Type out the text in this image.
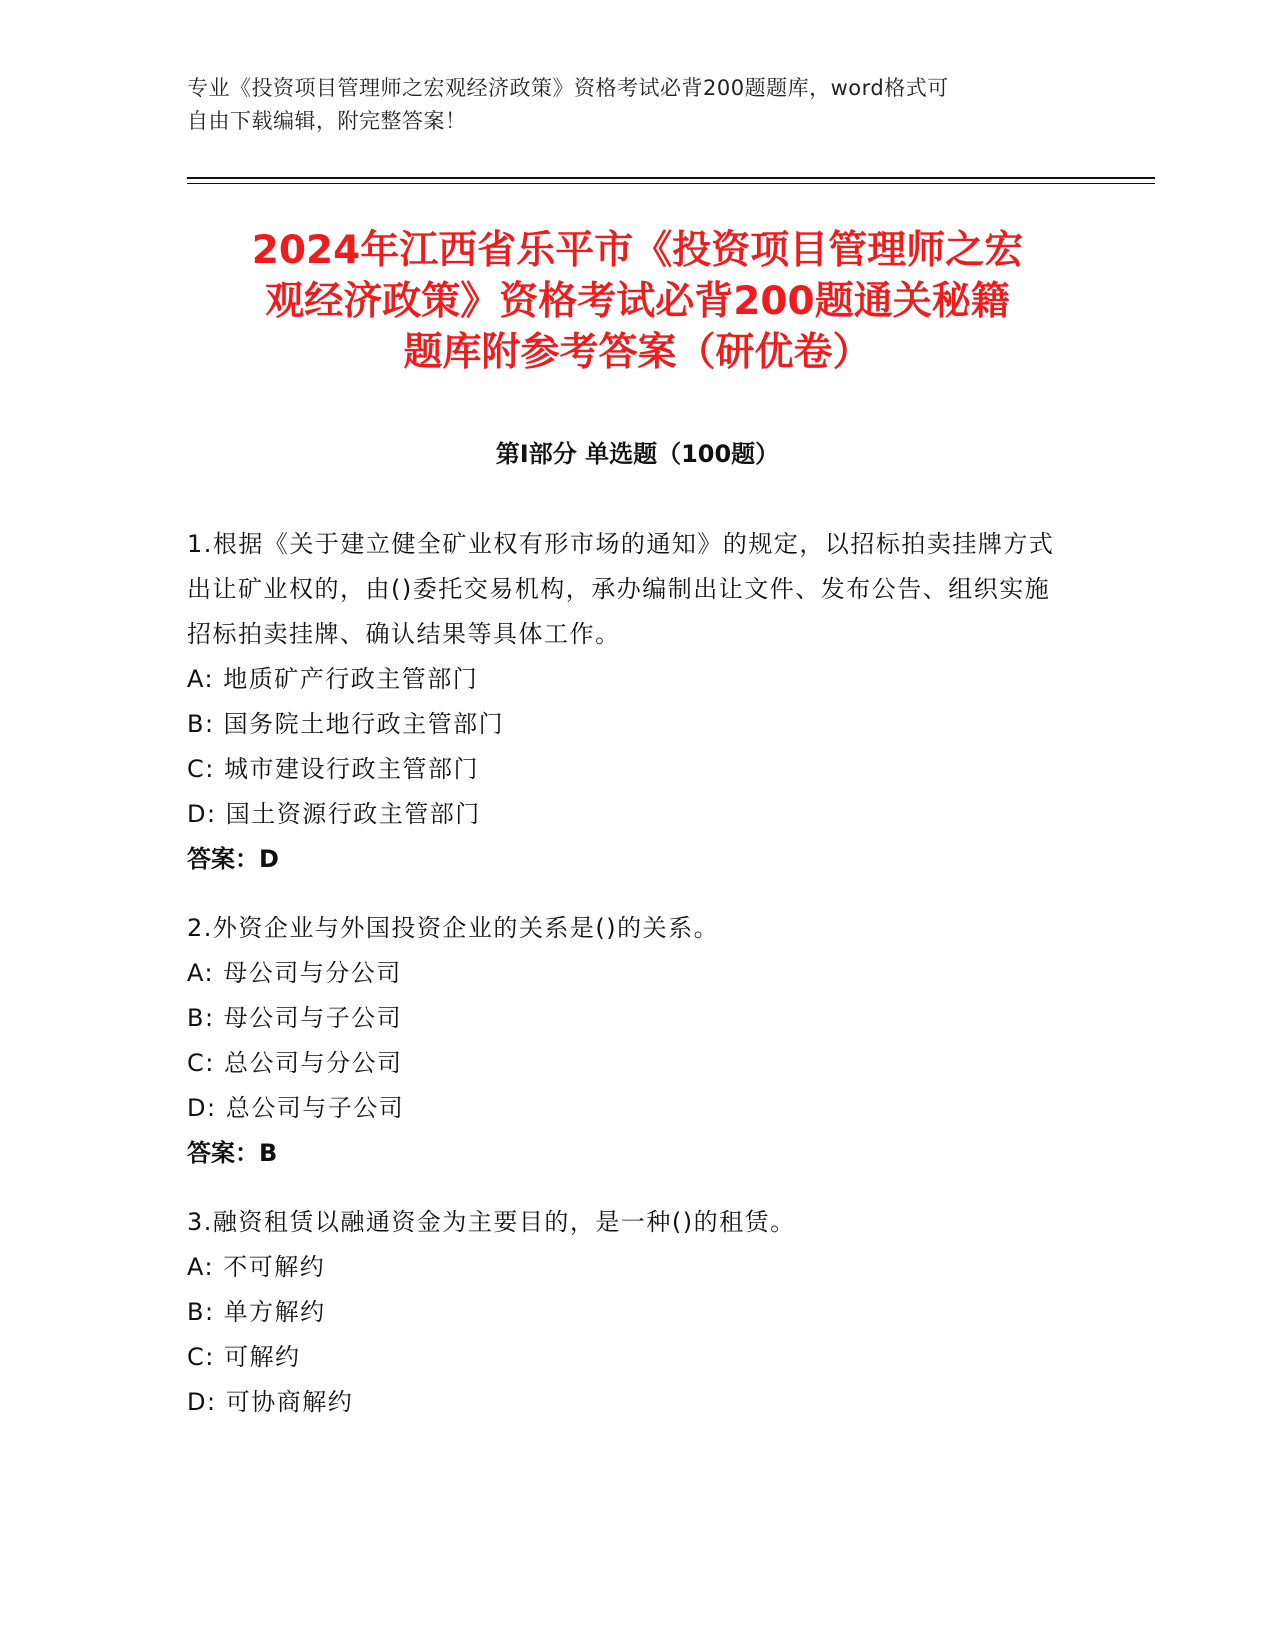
专业《投资项目管理师之宏观经济政策》资格考试必背200题题库，word格式可
自由下载编辑，附完整答案！
2024年江西省乐平市《投资项目管理师之宏
观经济政策》资格考试必背200题通关秘籍
题库附参考答案（研优卷）
第Ⅰ部分 单选题（100题）
1.根据《关于建立健全矿业权有形市场的通知》的规定，以招标拍卖挂牌方式出让矿业权的，由()委托交易机构，承办编制出让文件、发布公告、组织实施招标拍卖挂牌、确认结果等具体工作。
A: 地质矿产行政主管部门
B: 国务院土地行政主管部门
C: 城市建设行政主管部门
D: 国土资源行政主管部门
答案：D
2.外资企业与外国投资企业的关系是()的关系。
A: 母公司与分公司
B: 母公司与子公司
C: 总公司与分公司
D: 总公司与子公司
答案：B
3.融资租赁以融通资金为主要目的，是一种()的租赁。
A: 不可解约
B: 单方解约
C: 可解约
D: 可协商解约
